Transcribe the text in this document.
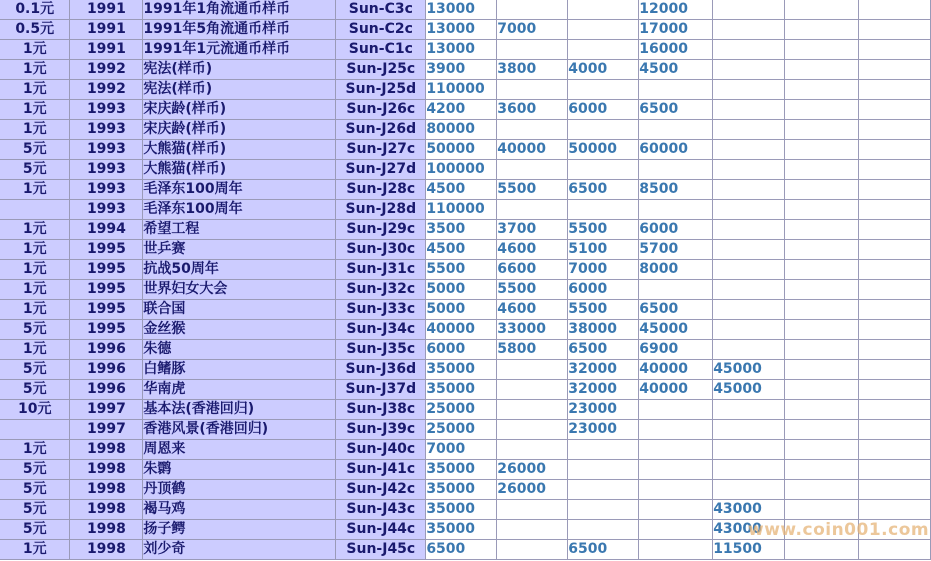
0.1元	1991	1991年1角流通币样币	Sun-C3c	13000			12000			
0.5元	1991	1991年5角流通币样币	Sun-C2c	13000	7000		17000			
1元	1991	1991年1元流通币样币	Sun-C1c	13000			16000			
1元	1992	宪法(样币)	Sun-J25c	3900	3800	4000	4500			
1元	1992	宪法(样币)	Sun-J25d	110000						
1元	1993	宋庆龄(样币)	Sun-J26c	4200	3600	6000	6500			
1元	1993	宋庆龄(样币)	Sun-J26d	80000						
5元	1993	大熊猫(样币)	Sun-J27c	50000	40000	50000	60000			
5元	1993	大熊猫(样币)	Sun-J27d	100000						
1元	1993	毛泽东100周年	Sun-J28c	4500	5500	6500	8500			
	1993	毛泽东100周年	Sun-J28d	110000						
1元	1994	希望工程	Sun-J29c	3500	3700	5500	6000			
1元	1995	世乒赛	Sun-J30c	4500	4600	5100	5700			
1元	1995	抗战50周年	Sun-J31c	5500	6600	7000	8000			
1元	1995	世界妇女大会	Sun-J32c	5000	5500	6000				
1元	1995	联合国	Sun-J33c	5000	4600	5500	6500			
5元	1995	金丝猴	Sun-J34c	40000	33000	38000	45000			
1元	1996	朱德	Sun-J35c	6000	5800	6500	6900			
5元	1996	白鳍豚	Sun-J36d	35000		32000	40000	45000		
5元	1996	华南虎	Sun-J37d	35000		32000	40000	45000		
10元	1997	基本法(香港回归)	Sun-J38c	25000		23000				
	1997	香港风景(香港回归)	Sun-J39c	25000		23000				
1元	1998	周恩来	Sun-J40c	7000						
5元	1998	朱鹮	Sun-J41c	35000	26000					
5元	1998	丹顶鹤	Sun-J42c	35000	26000					
5元	1998	褐马鸡	Sun-J43c	35000				43000		
5元	1998	扬子鳄	Sun-J44c	35000				43000		
1元	1998	刘少奇	Sun-J45c	6500		6500		11500		
www.coin001.com
